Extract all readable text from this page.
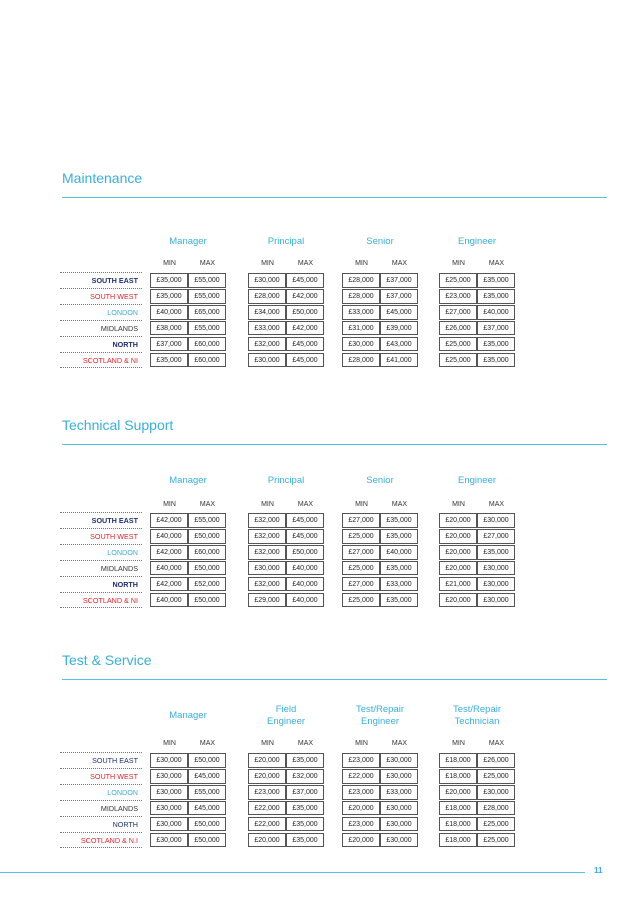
Maintenance
Manager
MIN	MAX
Principal
MIN	MAX
Senior
MIN	MAX
Engineer
MIN	MAX
SOUTH EAST	£35,000	£55,000	£30,000	£45,000	£28,000	£37,000	£25,000	£35,000
SOUTH WEST	£35,000	£55,000	£28,000	£42,000	£28,000	£37,000	£23,000	£35,000
LONDON	£40,000	£65,000	£34,000	£50,000	£33,000	£45,000	£27,000	£40,000
MIDLANDS	£38,000	£55,000	£33,000	£42,000	£31,000	£39,000	£26,000	£37,000
NORTH	£37,000	£60,000	£32,000	£45,000	£30,000	£43,000	£25,000	£35,000
SCOTLAND & NI	£35,000	£60,000	£30,000	£45,000	£28,000	£41,000	£25,000	£35,000
Technical Support
Manager
MIN	MAX
Principal
MIN	MAX
Senior
MIN	MAX
Engineer
MIN	MAX
SOUTH EAST	£42,000	£55,000	£32,000	£45,000	£27,000	£35,000	£20,000	£30,000
SOUTH WEST	£40,000	£50,000	£32,000	£45,000	£25,000	£35,000	£20,000	£27,000
LONDON	£42,000	£60,000	£32,000	£50,000	£27,000	£40,000	£20,000	£35,000
MIDLANDS	£40,000	£50,000	£30,000	£40,000	£25,000	£35,000	£20,000	£30,000
NORTH	£42,000	£52,000	£32,000	£40,000	£27,000	£33,000	£21,000	£30,000
SCOTLAND & NI	£40,000	£50,000	£29,000	£40,000	£25,000	£35,000	£20,000	£30,000
Test & Service
Manager
MIN	MAX
Field
Engineer
MIN	MAX
Test/Repair
Engineer
MIN	MAX
Test/Repair
Technician
MIN	MAX
SOUTH EAST	£30,000	£50,000	£20,000	£35,000	£23,000	£30,000	£18,000	£26,000
SOUTH WEST	£30,000	£45,000	£20,000	£32,000	£22,000	£30,000	£18,000	£25,000
LONDON	£30,000	£55,000	£23,000	£37,000	£23,000	£33,000	£20,000	£30,000
MIDLANDS	£30,000	£45,000	£22,000	£35,000	£20,000	£30,000	£18,000	£28,000
NORTH	£30,000	£50,000	£22,000	£35,000	£23,000	£30,000	£18,000	£25,000
SCOTLAND & N.I	£30,000	£50,000	£20,000	£35,000	£20,000	£30,000	£18,000	£25,000
11
